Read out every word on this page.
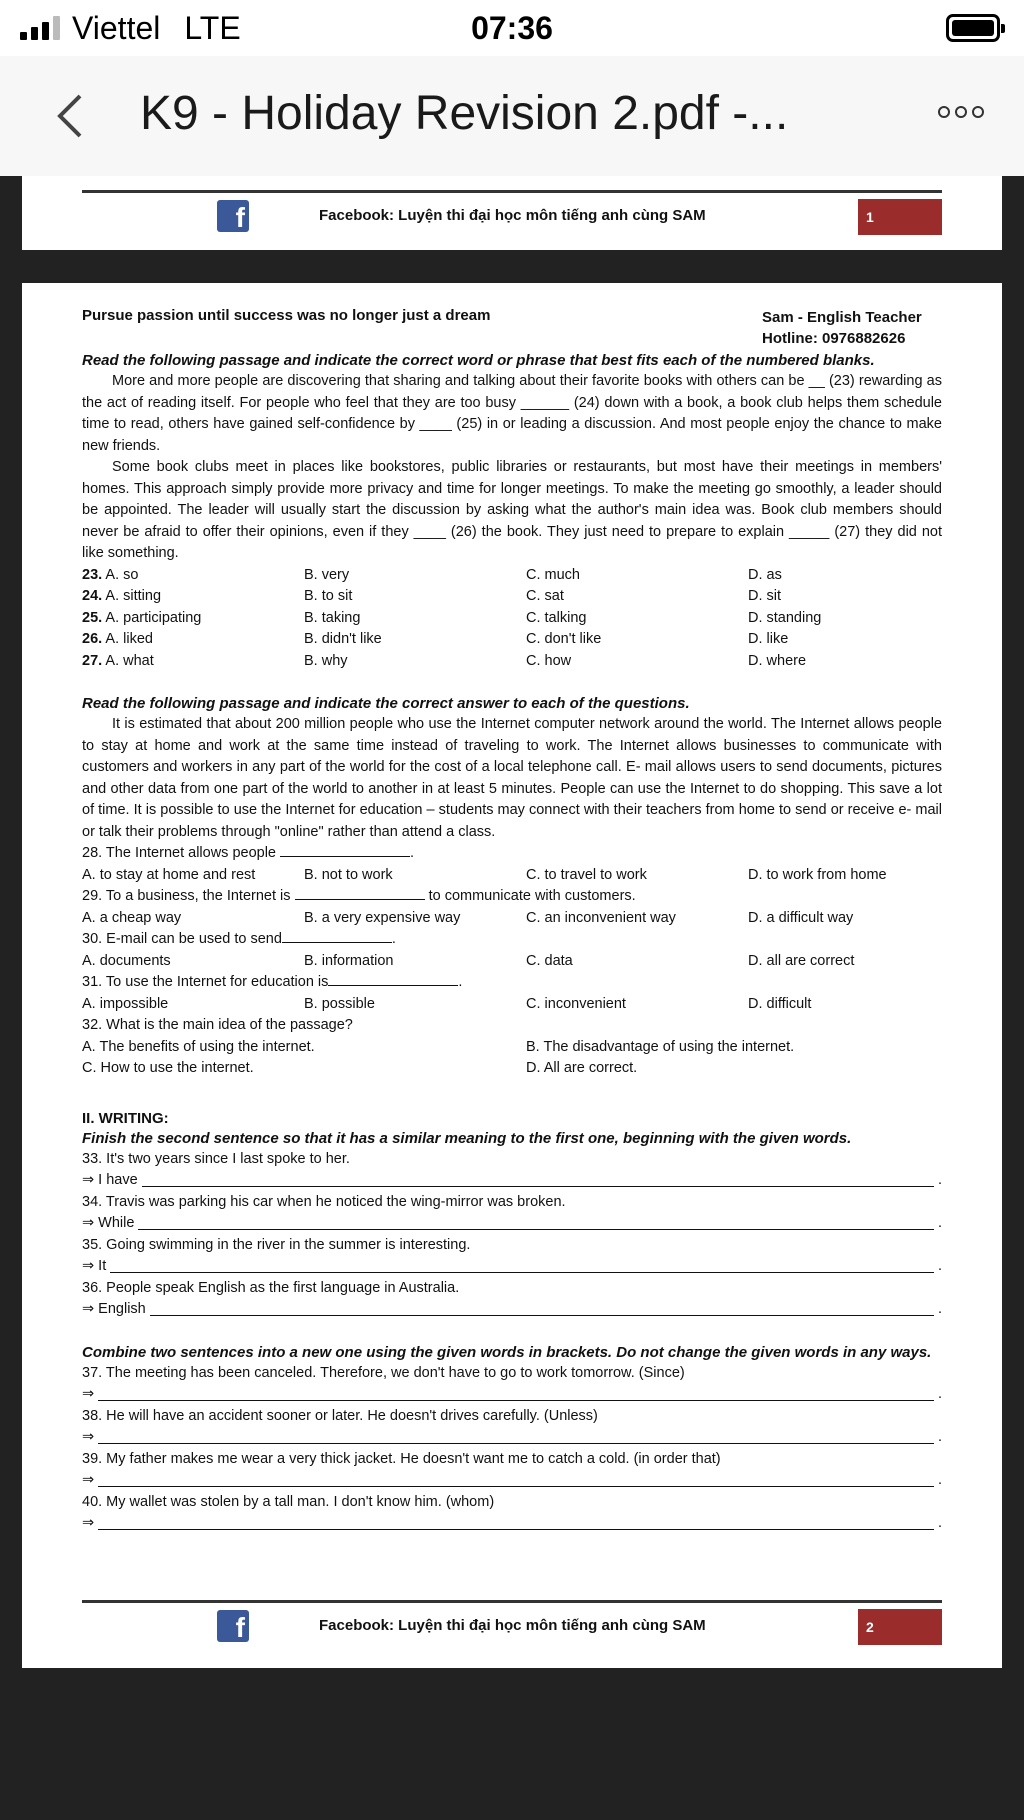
Viettel LTE	07:36
K9 - Holiday Revision 2.pdf -...
f	Facebook: Luyện thi đại học môn tiếng anh cùng SAM	1
Pursue passion until success was no longer just a dream	Sam - English Teacher
Hotline: 0976882626
Read the following passage and indicate the correct word or phrase that best fits each of the numbered blanks.
More and more people are discovering that sharing and talking about their favorite books with others can be __ (23) rewarding as the act of reading itself. For people who feel that they are too busy ______ (24) down with a book, a book club helps them schedule time to read, others have gained self-confidence by ____ (25) in or leading a discussion. And most people enjoy the chance to make new friends.
Some book clubs meet in places like bookstores, public libraries or restaurants, but most have their meetings in members' homes. This approach simply provide more privacy and time for longer meetings. To make the meeting go smoothly, a leader should be appointed. The leader will usually start the discussion by asking what the author's main idea was. Book club members should never be afraid to offer their opinions, even if they ____ (26) the book. They just need to prepare to explain _____ (27) they did not like something.
23. A. so	B. very	C. much	D. as
24. A. sitting	B. to sit	C. sat	D. sit
25. A. participating	B. taking	C. talking	D. standing
26. A. liked	B. didn't like	C. don't like	D. like
27. A. what	B. why	C. how	D. where
Read the following passage and indicate the correct answer to each of the questions.
It is estimated that about 200 million people who use the Internet computer network around the world. The Internet allows people to stay at home and work at the same time instead of traveling to work. The Internet allows businesses to communicate with customers and workers in any part of the world for the cost of a local telephone call. E- mail allows users to send documents, pictures and other data from one part of the world to another in at least 5 minutes. People can use the Internet to do shopping. This save a lot of time. It is possible to use the Internet for education – students may connect with their teachers from home to send or receive e- mail or talk their problems through "online" rather than attend a class.
28. The Internet allows people	.
A. to stay at home and rest	B. not to work	C. to travel to work	D. to work from home
29. To a business, the Internet is	to communicate with customers.
A. a cheap way	B. a very expensive way	C. an inconvenient way	D. a difficult way
30. E-mail can be used to send	.
A. documents	B. information	C. data	D. all are correct
31. To use the Internet for education is	.
A. impossible	B. possible	C. inconvenient	D. difficult
32. What is the main idea of the passage?
A. The benefits of using the internet.	B. The disadvantage of using the internet.
C. How to use the internet.	D. All are correct.
II. WRITING:
Finish the second sentence so that it has a similar meaning to the first one, beginning with the given words.
33. It's two years since I last spoke to her.
⇒ I have	.
34. Travis was parking his car when he noticed the wing-mirror was broken.
⇒ While	.
35. Going swimming in the river in the summer is interesting.
⇒ It	.
36. People speak English as the first language in Australia.
⇒ English	.
Combine two sentences into a new one using the given words in brackets. Do not change the given words in any ways.
37. The meeting has been canceled. Therefore, we don't have to go to work tomorrow. (Since)
⇒	.
38. He will have an accident sooner or later. He doesn't drives carefully. (Unless)
⇒	.
39. My father makes me wear a very thick jacket. He doesn't want me to catch a cold. (in order that)
⇒	.
40. My wallet was stolen by a tall man. I don't know him. (whom)
⇒	.
f	Facebook: Luyện thi đại học môn tiếng anh cùng SAM	2
